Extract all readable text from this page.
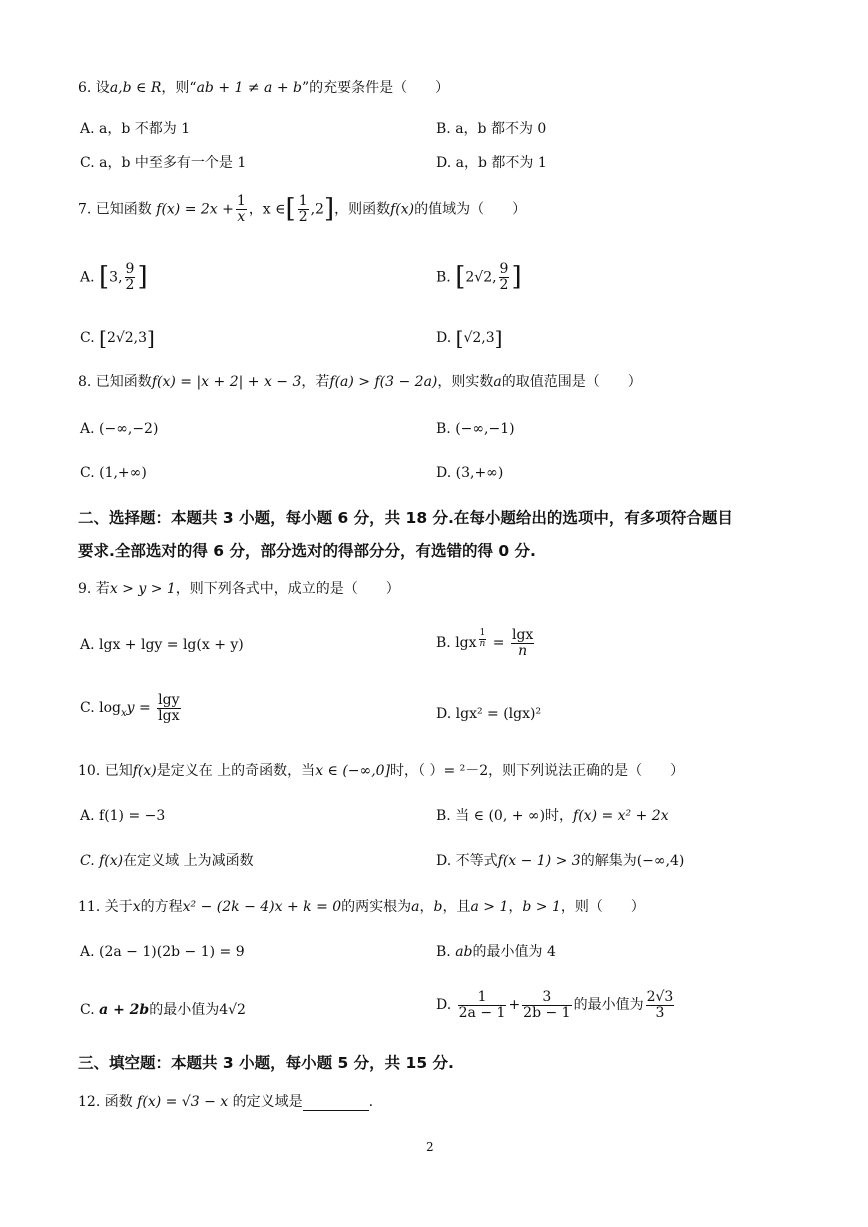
6. 设a,b ∈ R，则“ab + 1 ≠ a + b”的充要条件是（　　）
A. a，b 不都为 1	B. a，b 都不为 0
C. a，b 中至多有一个是 1	D. a，b 都不为 1
7. 已知函数 $f(x) = 2x + \frac{1}{x}$ ，x ∈[ $\frac{1}{2} ,2$]，则函数f(x)的值域为（　　）
A. [3, $\frac{9}{2}$ ]	B. [2√2, $\frac{9}{2}$ ]
C. [2√2,3]	D. [√2,3]
8. 已知函数f(x) = |x + 2| + x − 3，若f(a) > f(3 − 2a)，则实数a的取值范围是（　　）
A. (−∞,−2)	B. (−∞,−1)
C. (1,+∞)	D. (3,+∞)
二、选择题：本题共 3 小题，每小题 6 分，共 18 分.在每小题给出的选项中，有多项符合题目
要求.全部选对的得 6 分，部分选对的得部分分，有选错的得 0 分.
9. 若x > y > 1，则下列各式中，成立的是（　　）
A. lgx + lgy = lg(x + y)	B. lgx $^{\frac{1}{n}} = \frac{\lg x}{n}$
C. $\log_xy = \frac{\lg y}{\lg x}$	D. lgx² = (lgx)²
10. 已知f(x)是定义在 上的奇函数，当x ∈ (−∞,0]时，（ ）= ²－2，则下列说法正确的是（　　）
A. f(1) = −3	B. 当 ∈ (0, + ∞)时，f(x) = x² + 2x
C. f(x)在定义域 上为减函数	D. 不等式f(x − 1) > 3的解集为(−∞,4)
11. 关于x的方程x² − (2k − 4)x + k = 0的两实根为a，b，且a > 1，b > 1，则（　　）
A. (2a − 1)(2b − 1) = 9	B. ab的最小值为 4
C. a + 2b的最小值为4√2	D. $\frac{1}{2a - 1} + \frac{3}{2b - 1}$ 的最小值为 $\frac{2√3}{3}$
三、填空题：本题共 3 小题，每小题 5 分，共 15 分.
12. 函数 f(x) = √3 − x 的定义域是	.
2
